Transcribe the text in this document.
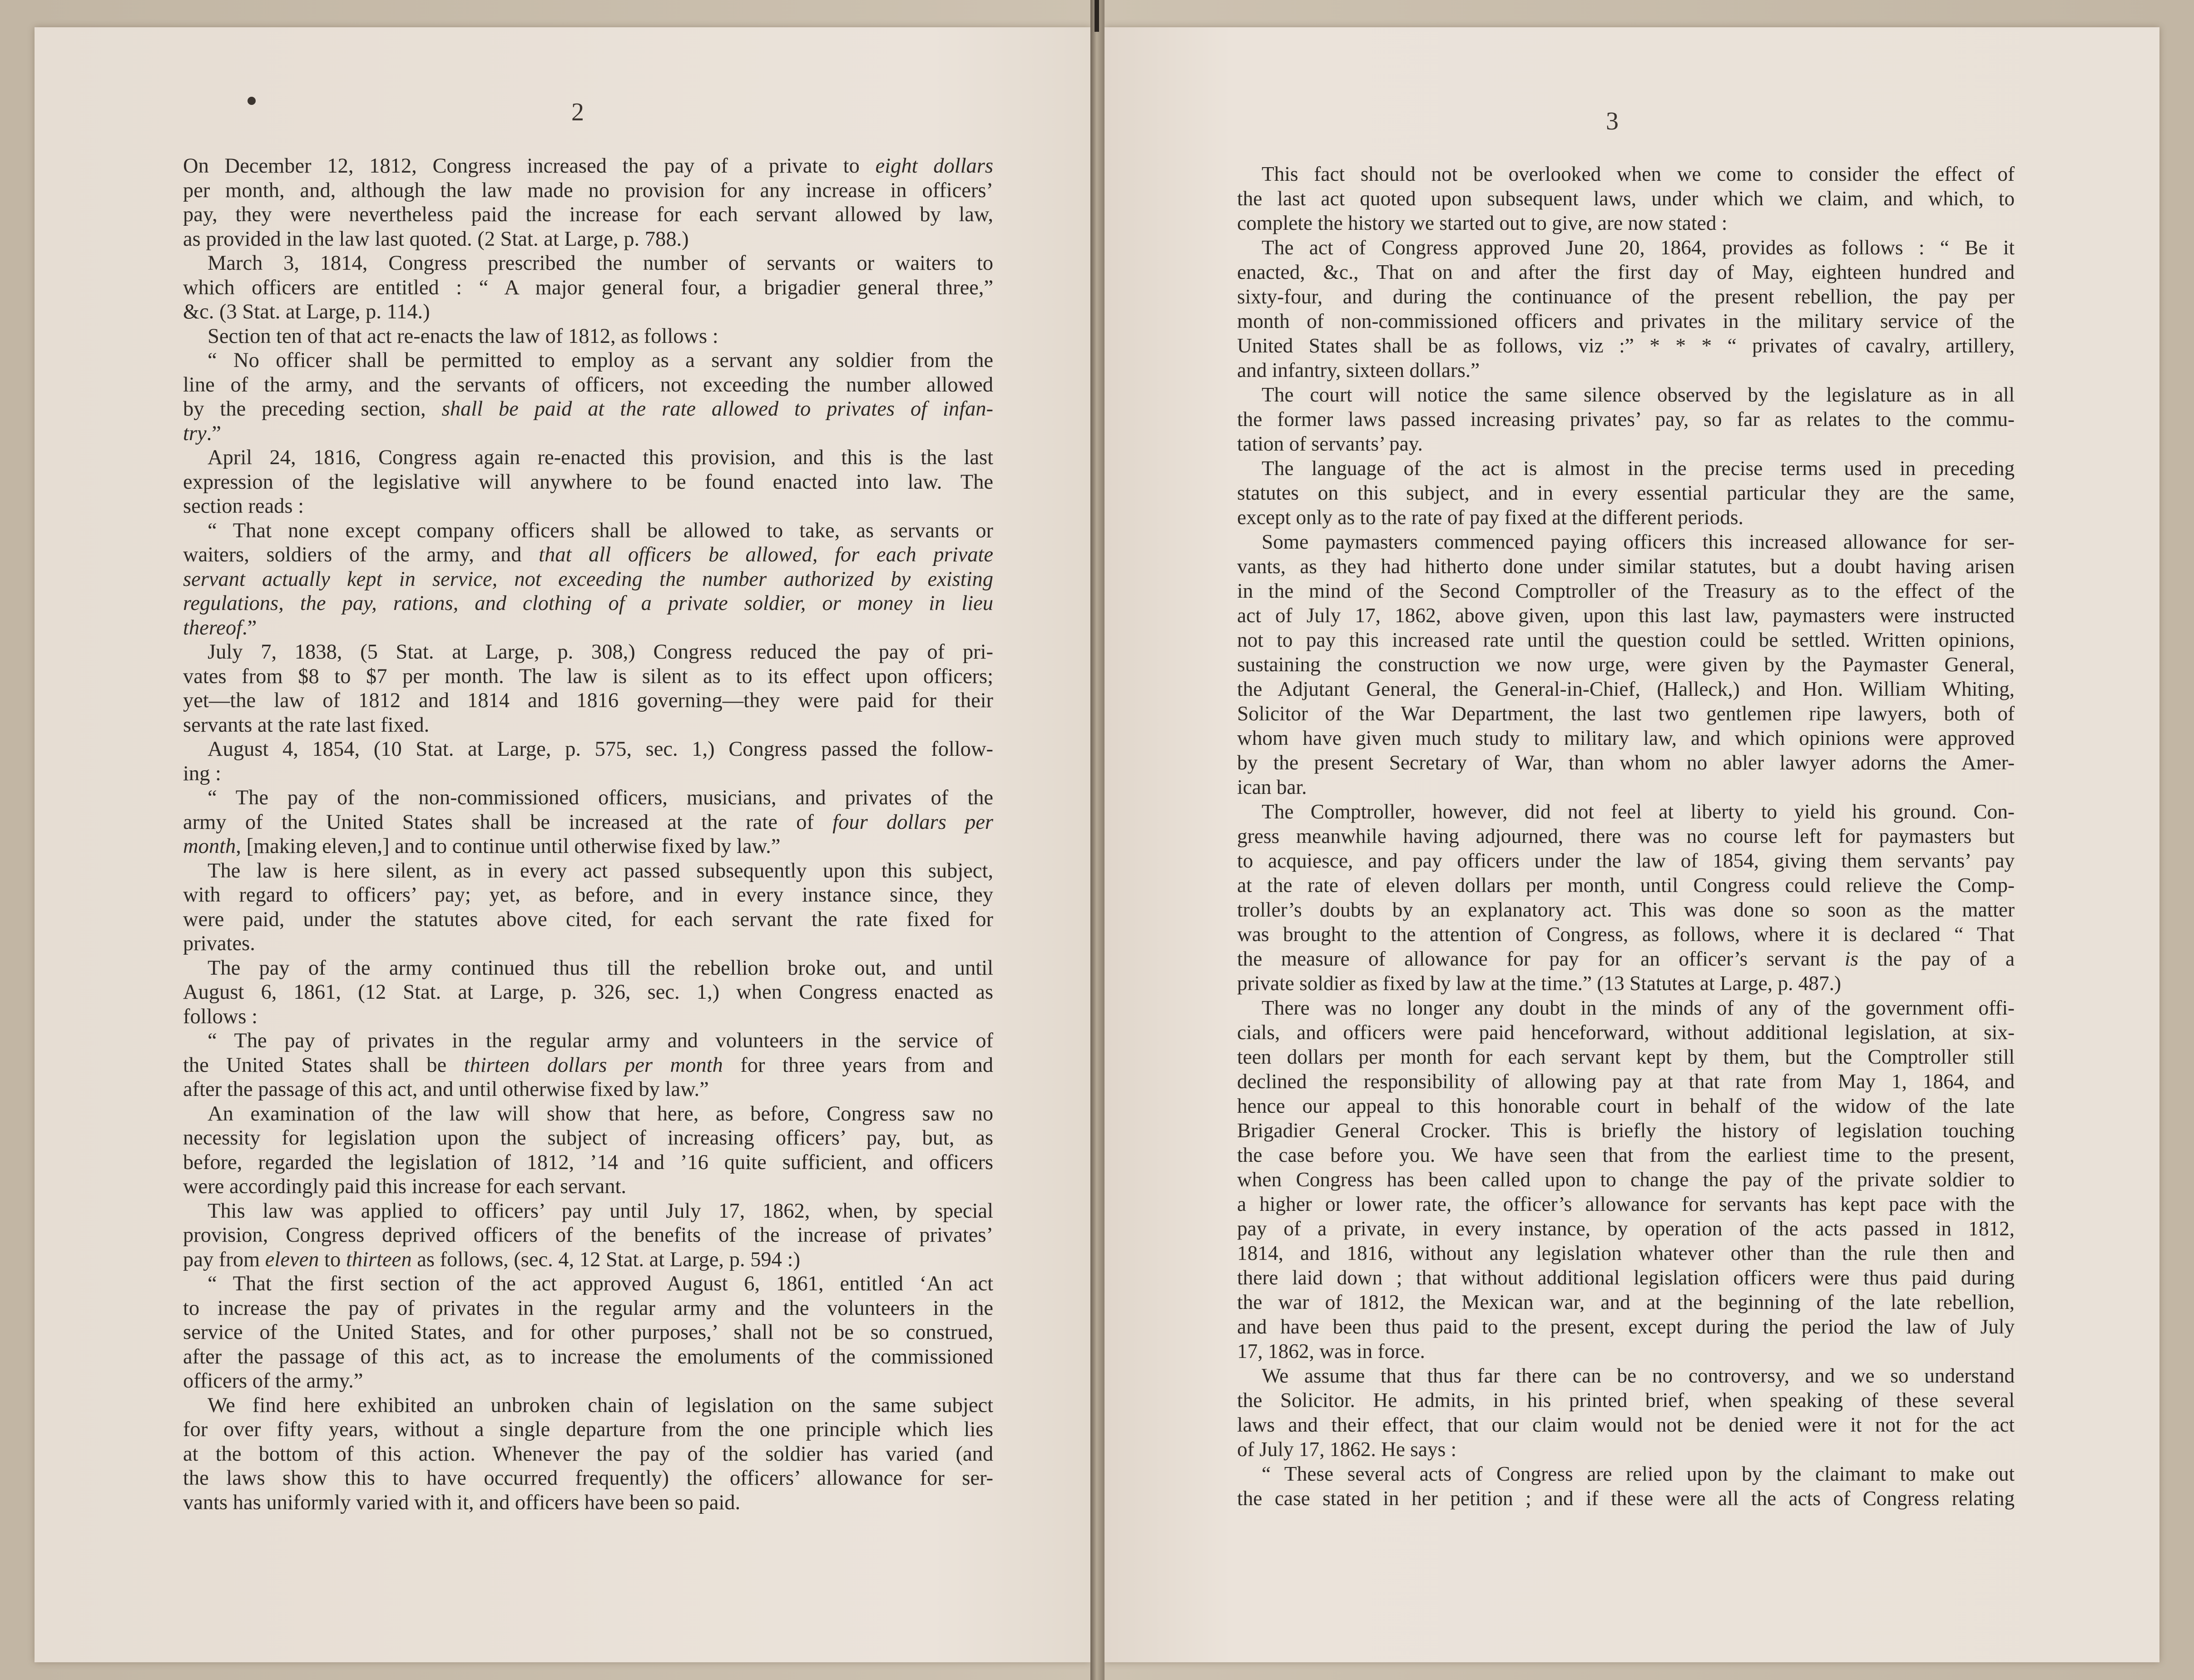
2	3
On December 12, 1812, Congress increased the pay of a private to eight dollars
per month, and, although the law made no provision for any increase in officers’
pay, they were nevertheless paid the increase for each servant allowed by law,
as provided in the law last quoted. (2 Stat. at Large, p. 788.)
March 3, 1814, Congress prescribed the number of servants or waiters to
which officers are entitled : “ A major general four, a brigadier general three,”
&c. (3 Stat. at Large, p. 114.)
Section ten of that act re-enacts the law of 1812, as follows :
“ No officer shall be permitted to employ as a servant any soldier from the
line of the army, and the servants of officers, not exceeding the number allowed
by the preceding section, shall be paid at the rate allowed to privates of infan-
try.”
April 24, 1816, Congress again re-enacted this provision, and this is the last
expression of the legislative will anywhere to be found enacted into law. The
section reads :
“ That none except company officers shall be allowed to take, as servants or
waiters, soldiers of the army, and that all officers be allowed, for each private
servant actually kept in service, not exceeding the number authorized by existing
regulations, the pay, rations, and clothing of a private soldier, or money in lieu
thereof.”
July 7, 1838, (5 Stat. at Large, p. 308,) Congress reduced the pay of pri-
vates from $8 to $7 per month. The law is silent as to its effect upon officers;
yet—the law of 1812 and 1814 and 1816 governing—they were paid for their
servants at the rate last fixed.
August 4, 1854, (10 Stat. at Large, p. 575, sec. 1,) Congress passed the follow-
ing :
“ The pay of the non-commissioned officers, musicians, and privates of the
army of the United States shall be increased at the rate of four dollars per
month, [making eleven,] and to continue until otherwise fixed by law.”
The law is here silent, as in every act passed subsequently upon this subject,
with regard to officers’ pay; yet, as before, and in every instance since, they
were paid, under the statutes above cited, for each servant the rate fixed for
privates.
The pay of the army continued thus till the rebellion broke out, and until
August 6, 1861, (12 Stat. at Large, p. 326, sec. 1,) when Congress enacted as
follows :
“ The pay of privates in the regular army and volunteers in the service of
the United States shall be thirteen dollars per month for three years from and
after the passage of this act, and until otherwise fixed by law.”
An examination of the law will show that here, as before, Congress saw no
necessity for legislation upon the subject of increasing officers’ pay, but, as
before, regarded the legislation of 1812, ’14 and ’16 quite sufficient, and officers
were accordingly paid this increase for each servant.
This law was applied to officers’ pay until July 17, 1862, when, by special
provision, Congress deprived officers of the benefits of the increase of privates’
pay from eleven to thirteen as follows, (sec. 4, 12 Stat. at Large, p. 594 :)
“ That the first section of the act approved August 6, 1861, entitled ‘An act
to increase the pay of privates in the regular army and the volunteers in the
service of the United States, and for other purposes,’ shall not be so construed,
after the passage of this act, as to increase the emoluments of the commissioned
officers of the army.”
We find here exhibited an unbroken chain of legislation on the same subject
for over fifty years, without a single departure from the one principle which lies
at the bottom of this action. Whenever the pay of the soldier has varied (and
the laws show this to have occurred frequently) the officers’ allowance for ser-
vants has uniformly varied with it, and officers have been so paid.
This fact should not be overlooked when we come to consider the effect of
the last act quoted upon subsequent laws, under which we claim, and which, to
complete the history we started out to give, are now stated :
The act of Congress approved June 20, 1864, provides as follows : “ Be it
enacted, &c., That on and after the first day of May, eighteen hundred and
sixty-four, and during the continuance of the present rebellion, the pay per
month of non-commissioned officers and privates in the military service of the
United States shall be as follows, viz :” * * * “ privates of cavalry, artillery,
and infantry, sixteen dollars.”
The court will notice the same silence observed by the legislature as in all
the former laws passed increasing privates’ pay, so far as relates to the commu-
tation of servants’ pay.
The language of the act is almost in the precise terms used in preceding
statutes on this subject, and in every essential particular they are the same,
except only as to the rate of pay fixed at the different periods.
Some paymasters commenced paying officers this increased allowance for ser-
vants, as they had hitherto done under similar statutes, but a doubt having arisen
in the mind of the Second Comptroller of the Treasury as to the effect of the
act of July 17, 1862, above given, upon this last law, paymasters were instructed
not to pay this increased rate until the question could be settled. Written opinions,
sustaining the construction we now urge, were given by the Paymaster General,
the Adjutant General, the General-in-Chief, (Halleck,) and Hon. William Whiting,
Solicitor of the War Department, the last two gentlemen ripe lawyers, both of
whom have given much study to military law, and which opinions were approved
by the present Secretary of War, than whom no abler lawyer adorns the Amer-
ican bar.
The Comptroller, however, did not feel at liberty to yield his ground. Con-
gress meanwhile having adjourned, there was no course left for paymasters but
to acquiesce, and pay officers under the law of 1854, giving them servants’ pay
at the rate of eleven dollars per month, until Congress could relieve the Comp-
troller’s doubts by an explanatory act. This was done so soon as the matter
was brought to the attention of Congress, as follows, where it is declared “ That
the measure of allowance for pay for an officer’s servant is the pay of a
private soldier as fixed by law at the time.” (13 Statutes at Large, p. 487.)
There was no longer any doubt in the minds of any of the government offi-
cials, and officers were paid henceforward, without additional legislation, at six-
teen dollars per month for each servant kept by them, but the Comptroller still
declined the responsibility of allowing pay at that rate from May 1, 1864, and
hence our appeal to this honorable court in behalf of the widow of the late
Brigadier General Crocker. This is briefly the history of legislation touching
the case before you. We have seen that from the earliest time to the present,
when Congress has been called upon to change the pay of the private soldier to
a higher or lower rate, the officer’s allowance for servants has kept pace with the
pay of a private, in every instance, by operation of the acts passed in 1812,
1814, and 1816, without any legislation whatever other than the rule then and
there laid down ; that without additional legislation officers were thus paid during
the war of 1812, the Mexican war, and at the beginning of the late rebellion,
and have been thus paid to the present, except during the period the law of July
17, 1862, was in force.
We assume that thus far there can be no controversy, and we so understand
the Solicitor. He admits, in his printed brief, when speaking of these several
laws and their effect, that our claim would not be denied were it not for the act
of July 17, 1862. He says :
“ These several acts of Congress are relied upon by the claimant to make out
the case stated in her petition ; and if these were all the acts of Congress relating
